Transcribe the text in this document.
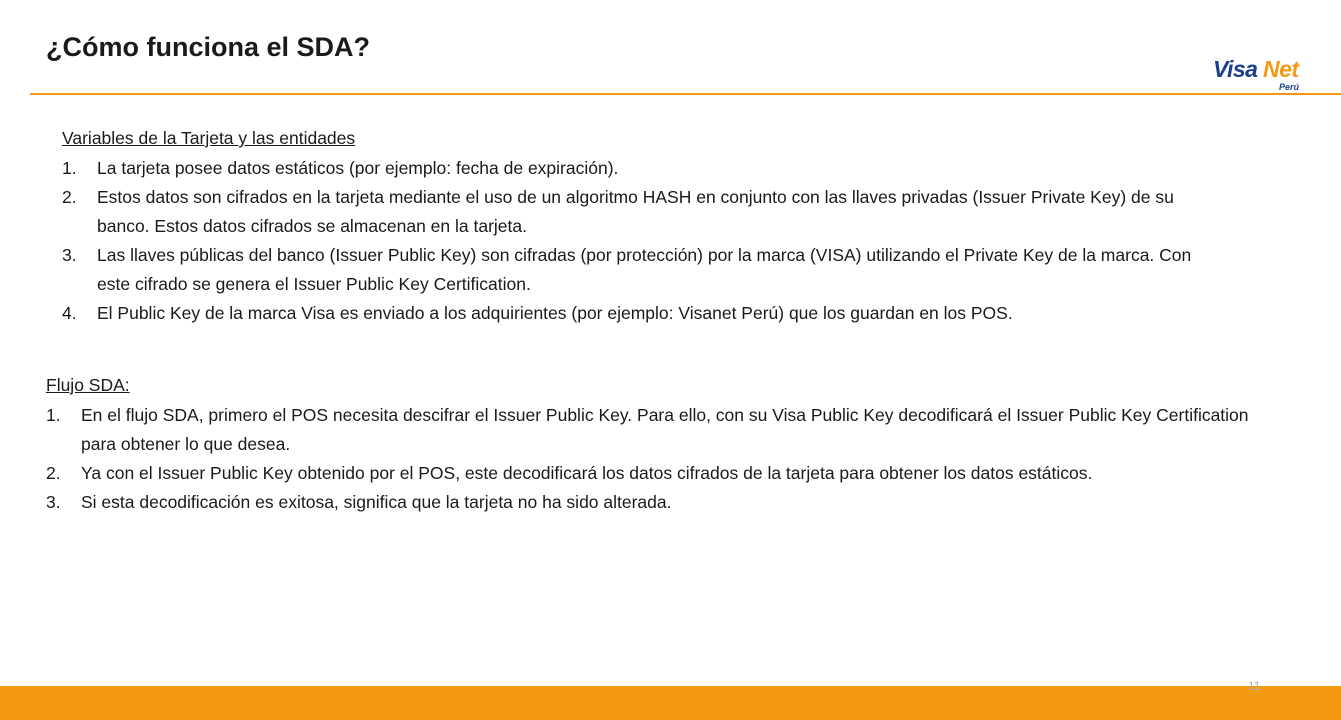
¿Cómo funciona el SDA?
Visa Net
Perú

Variables de la Tarjeta y las entidades

1. La tarjeta posee datos estáticos (por ejemplo: fecha de expiración).
2. Estos datos son cifrados en la tarjeta mediante el uso de un algoritmo HASH en conjunto con las llaves privadas (Issuer Private Key) de su banco. Estos datos cifrados se almacenan en la tarjeta.
3. Las llaves públicas del banco (Issuer Public Key) son cifradas (por protección) por la marca (VISA) utilizando el Private Key de la marca. Con este cifrado se genera el Issuer Public Key Certification.
4. El Public Key de la marca Visa es enviado a los adquirientes (por ejemplo: Visanet Perú) que los guardan en los POS.

Flujo SDA:

1. En el flujo SDA, primero el POS necesita descifrar el Issuer Public Key. Para ello, con su Visa Public Key decodificará el Issuer Public Key Certification para obtener lo que desea.
2. Ya con el Issuer Public Key obtenido por el POS, este decodificará los datos cifrados de la tarjeta para obtener los datos estáticos.
3. Si esta decodificación es exitosa, significa que la tarjeta no ha sido alterada.
11
